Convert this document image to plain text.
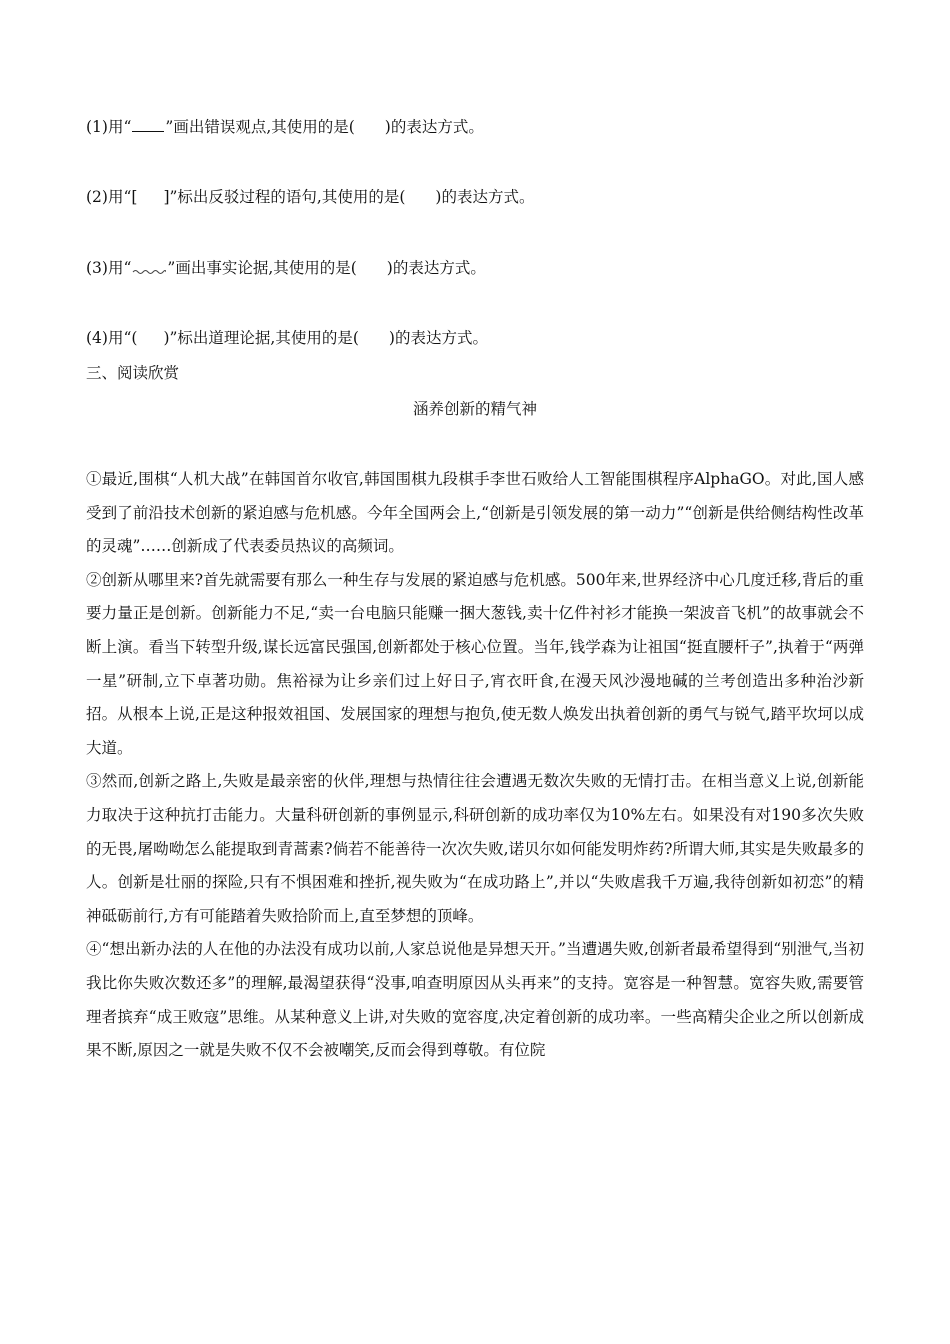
(1)用“ ”画出错误观点,其使用的是( )的表达方式。
(2)用“[ ]”标出反驳过程的语句,其使用的是( )的表达方式。
(3)用“ ”画出事实论据,其使用的是( )的表达方式。
(4)用“( )”标出道理论据,其使用的是( )的表达方式。
三、阅读欣赏
涵养创新的精气神

①最近,围棋“人机大战”在韩国首尔收官,韩国围棋九段棋手李世石败给人工智能围棋程序AlphaGO。对此,国人感受到了前沿技术创新的紧迫感与危机感。今年全国两会上,“创新是引领发展的第一动力”“创新是供给侧结构性改革的灵魂”……创新成了代表委员热议的高频词。

②创新从哪里来?首先就需要有那么一种生存与发展的紧迫感与危机感。500年来,世界经济中心几度迁移,背后的重要力量正是创新。创新能力不足,“卖一台电脑只能赚一捆大葱钱,卖十亿件衬衫才能换一架波音飞机”的故事就会不断上演。看当下转型升级,谋长远富民强国,创新都处于核心位置。当年,钱学森为让祖国“挺直腰杆子”,执着于“两弹一星”研制,立下卓著功勋。焦裕禄为让乡亲们过上好日子,宵衣旰食,在漫天风沙漫地碱的兰考创造出多种治沙新招。从根本上说,正是这种报效祖国、发展国家的理想与抱负,使无数人焕发出执着创新的勇气与锐气,踏平坎坷以成大道。

③然而,创新之路上,失败是最亲密的伙伴,理想与热情往往会遭遇无数次失败的无情打击。在相当意义上说,创新能力取决于这种抗打击能力。大量科研创新的事例显示,科研创新的成功率仅为10%左右。如果没有对190多次失败的无畏,屠呦呦怎么能提取到青蒿素?倘若不能善待一次次失败,诺贝尔如何能发明炸药?所谓大师,其实是失败最多的人。创新是壮丽的探险,只有不惧困难和挫折,视失败为“在成功路上”,并以“失败虐我千万遍,我待创新如初恋”的精神砥砺前行,方有可能踏着失败拾阶而上,直至梦想的顶峰。

④“想出新办法的人在他的办法没有成功以前,人家总说他是异想天开。”当遭遇失败,创新者最希望得到“别泄气,当初我比你失败次数还多”的理解,最渴望获得“没事,咱查明原因从头再来”的支持。宽容是一种智慧。宽容失败,需要管理者摈弃“成王败寇”思维。从某种意义上讲,对失败的宽容度,决定着创新的成功率。一些高精尖企业之所以创新成果不断,原因之一就是失败不仅不会被嘲笑,反而会得到尊敬。有位院
